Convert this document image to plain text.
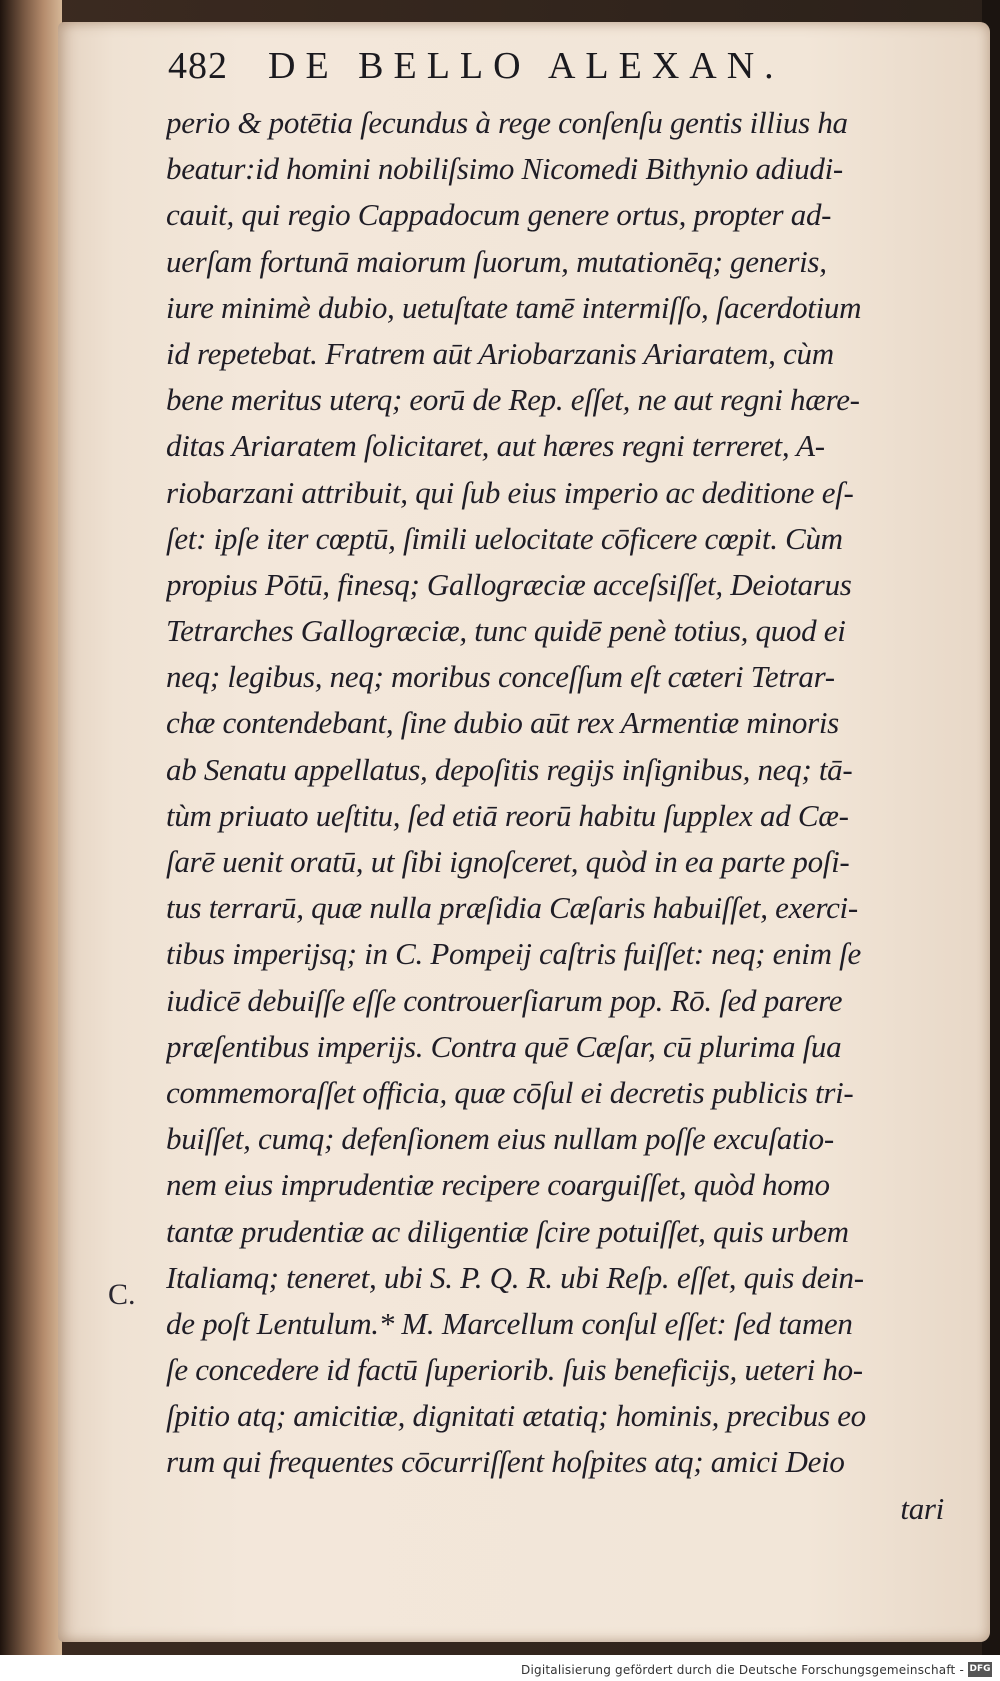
482 DE BELLO ALEXAN.
perio & potētia ſecundus à rege conſenſu gentis illius ha
beatur:id homini nobiliſsimo Nicomedi Bithynio adiudi-
cauit, qui regio Cappadocum genere ortus, propter ad-
uerſam fortunā maiorum ſuorum, mutationēq; generis,
iure minimè dubio, uetuſtate tamē intermiſſo, ſacerdotium
id repetebat. Fratrem aūt Ariobarzanis Ariaratem, cùm
bene meritus uterq; eorū de Rep. eſſet, ne aut regni hære-
ditas Ariaratem ſolicitaret, aut hæres regni terreret, A-
riobarzani attribuit, qui ſub eius imperio ac deditione eſ-
ſet: ipſe iter cœptū, ſimili uelocitate cōficere cœpit. Cùm
propius Pōtū, finesq; Gallogræciæ acceſsiſſet, Deiotarus
Tetrarches Gallogræciæ, tunc quidē penè totius, quod ei
neq; legibus, neq; moribus conceſſum eſt cæteri Tetrar-
chæ contendebant, ſine dubio aūt rex Armentiæ minoris
ab Senatu appellatus, depoſitis regijs inſignibus, neq; tā-
tùm priuato ueſtitu, ſed etiā reorū habitu ſupplex ad Cæ-
ſarē uenit oratū, ut ſibi ignoſceret, quòd in ea parte poſi-
tus terrarū, quæ nulla præſidia Cæſaris habuiſſet, exerci-
tibus imperijsq; in C. Pompeij caſtris fuiſſet: neq; enim ſe
iudicē debuiſſe eſſe controuerſiarum pop. Rō. ſed parere
præſentibus imperijs. Contra quē Cæſar, cū plurima ſua
commemoraſſet officia, quæ cōſul ei decretis publicis tri-
buiſſet, cumq; defenſionem eius nullam poſſe excuſatio-
nem eius imprudentiæ recipere coarguiſſet, quòd homo
tantæ prudentiæ ac diligentiæ ſcire potuiſſet, quis urbem
Italiamq; teneret, ubi S. P. Q. R. ubi Reſp. eſſet, quis dein-
de poſt Lentulum.* M. Marcellum conſul eſſet: ſed tamen
ſe concedere id factū ſuperiorib. ſuis beneficijs, ueteri ho-
ſpitio atq; amicitiæ, dignitati ætatiq; hominis, precibus eo
rum qui frequentes cōcurriſſent hoſpites atq; amici Deio
tari
C.
Digitalisierung gefördert durch die Deutsche Forschungsgemeinschaft - DFG
